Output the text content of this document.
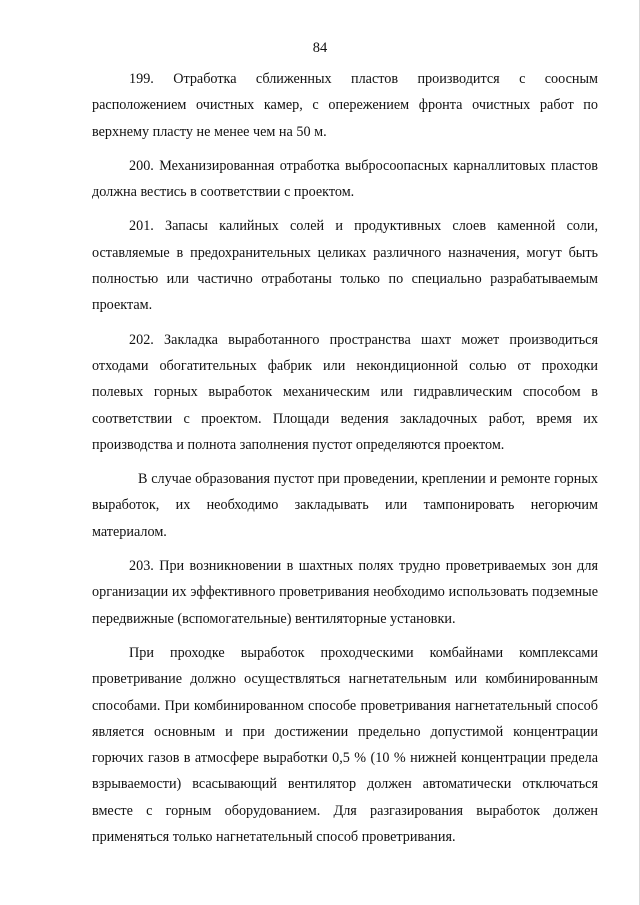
84

199. Отработка сближенных пластов производится с соосным расположением очистных камер, с опережением фронта очистных работ по верхнему пласту не менее чем на 50 м.

200. Механизированная отработка выбросоопасных карналлитовых пластов должна вестись в соответствии с проектом.

201. Запасы калийных солей и продуктивных слоев каменной соли, оставляемые в предохранительных целиках различного назначения, могут быть полностью или частично отработаны только по специально разрабатываемым проектам.

202. Закладка выработанного пространства шахт может производиться отходами обогатительных фабрик или некондиционной солью от проходки полевых горных выработок механическим или гидравлическим способом в соответствии с проектом. Площади ведения закладочных работ, время их производства и полнота заполнения пустот определяются проектом.

В случае образования пустот при проведении, креплении и ремонте горных выработок, их необходимо закладывать или тампонировать негорючим материалом.

203. При возникновении в шахтных полях трудно проветриваемых зон для организации их эффективного проветривания необходимо использовать подземные передвижные (вспомогательные) вентиляторные установки.

При проходке выработок проходческими комбайнами комплексами проветривание должно осуществляться нагнетательным или комбинированным способами. При комбинированном способе проветривания нагнетательный способ является основным и при достижении предельно допустимой концентрации горючих газов в атмосфере выработки 0,5 % (10 % нижней концентрации предела взрываемости) всасывающий вентилятор должен автоматически отключаться вместе с горным оборудованием. Для разгазирования выработок должен применяться только нагнетательный способ проветривания.
